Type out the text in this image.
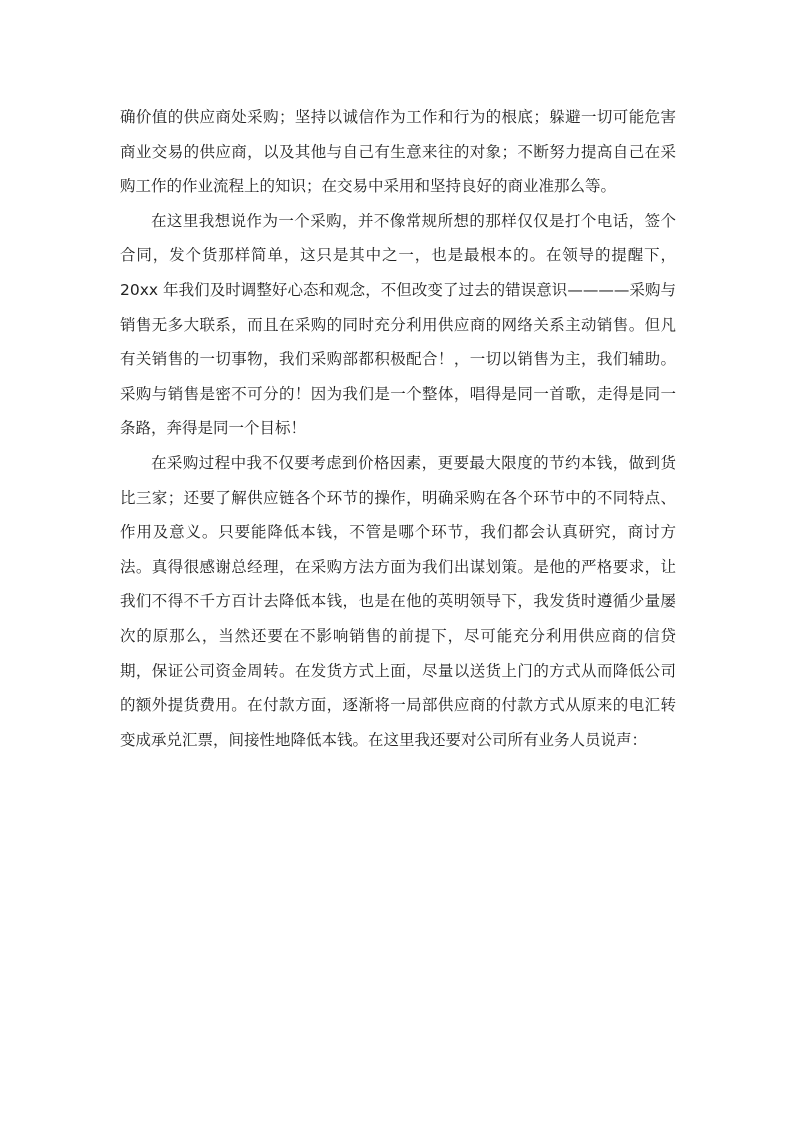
确价值的供应商处采购；坚持以诚信作为工作和行为的根底；躲避一切可能危害商业交易的供应商，以及其他与自己有生意来往的对象；不断努力提高自己在采购工作的作业流程上的知识；在交易中采用和坚持良好的商业准那么等。

在这里我想说作为一个采购，并不像常规所想的那样仅仅是打个电话，签个合同，发个货那样简单，这只是其中之一，也是最根本的。在领导的提醒下，20xx 年我们及时调整好心态和观念，不但改变了过去的错误意识————采购与销售无多大联系，而且在采购的同时充分利用供应商的网络关系主动销售。但凡有关销售的一切事物，我们采购部都积极配合！，一切以销售为主，我们辅助。采购与销售是密不可分的！因为我们是一个整体，唱得是同一首歌，走得是同一条路，奔得是同一个目标！

在采购过程中我不仅要考虑到价格因素，更要最大限度的节约本钱，做到货比三家；还要了解供应链各个环节的操作，明确采购在各个环节中的不同特点、作用及意义。只要能降低本钱，不管是哪个环节，我们都会认真研究，商讨方法。真得很感谢总经理，在采购方法方面为我们出谋划策。是他的严格要求，让我们不得不千方百计去降低本钱，也是在他的英明领导下，我发货时遵循少量屡次的原那么，当然还要在不影响销售的前提下，尽可能充分利用供应商的信贷期，保证公司资金周转。在发货方式上面，尽量以送货上门的方式从而降低公司的额外提货费用。在付款方面，逐渐将一局部供应商的付款方式从原来的电汇转变成承兑汇票，间接性地降低本钱。在这里我还要对公司所有业务人员说声：
